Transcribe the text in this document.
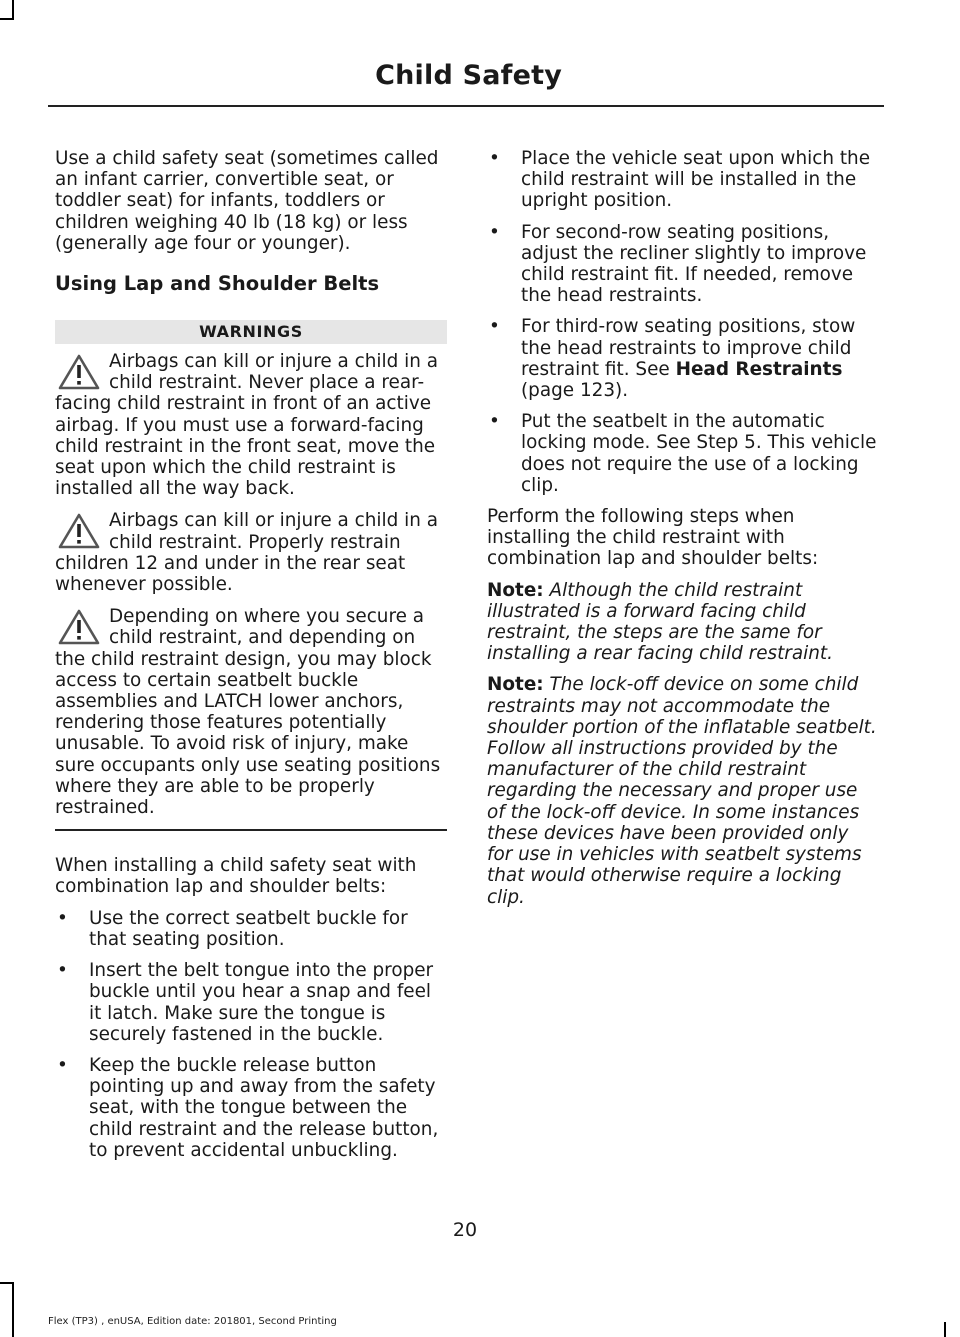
Child Safety

Use a child safety seat (sometimes called an infant carrier, convertible seat, or toddler seat) for infants, toddlers or children weighing 40 lb (18 kg) or less (generally age four or younger).

Using Lap and Shoulder Belts
WARNINGS
Airbags can kill or injure a child in a child restraint. Never place a rear-facing child restraint in front of an active airbag. If you must use a forward-facing child restraint in the front seat, move the seat upon which the child restraint is installed all the way back.
Airbags can kill or injure a child in a child restraint. Properly restrain children 12 and under in the rear seat whenever possible.
Depending on where you secure a child restraint, and depending on the child restraint design, you may block access to certain seatbelt buckle assemblies and LATCH lower anchors, rendering those features potentially unusable. To avoid risk of injury, make sure occupants only use seating positions where they are able to be properly restrained.

When installing a child safety seat with combination lap and shoulder belts:

• Use the correct seatbelt buckle for that seating position.
• Insert the belt tongue into the proper buckle until you hear a snap and feel it latch. Make sure the tongue is securely fastened in the buckle.
• Keep the buckle release button pointing up and away from the safety seat, with the tongue between the child restraint and the release button, to prevent accidental unbuckling.
• Place the vehicle seat upon which the child restraint will be installed in the upright position.
• For second-row seating positions, adjust the recliner slightly to improve child restraint fit. If needed, remove the head restraints.
• For third-row seating positions, stow the head restraints to improve child restraint fit. See Head Restraints (page 123).
• Put the seatbelt in the automatic locking mode. See Step 5. This vehicle does not require the use of a locking clip.

Perform the following steps when installing the child restraint with combination lap and shoulder belts:

Note: Although the child restraint illustrated is a forward facing child restraint, the steps are the same for installing a rear facing child restraint.

Note: The lock-off device on some child restraints may not accommodate the shoulder portion of the inflatable seatbelt. Follow all instructions provided by the manufacturer of the child restraint regarding the necessary and proper use of the lock-off device. In some instances these devices have been provided only for use in vehicles with seatbelt systems that would otherwise require a locking clip.

20
Flex (TP3) , enUSA, Edition date: 201801, Second Printing
